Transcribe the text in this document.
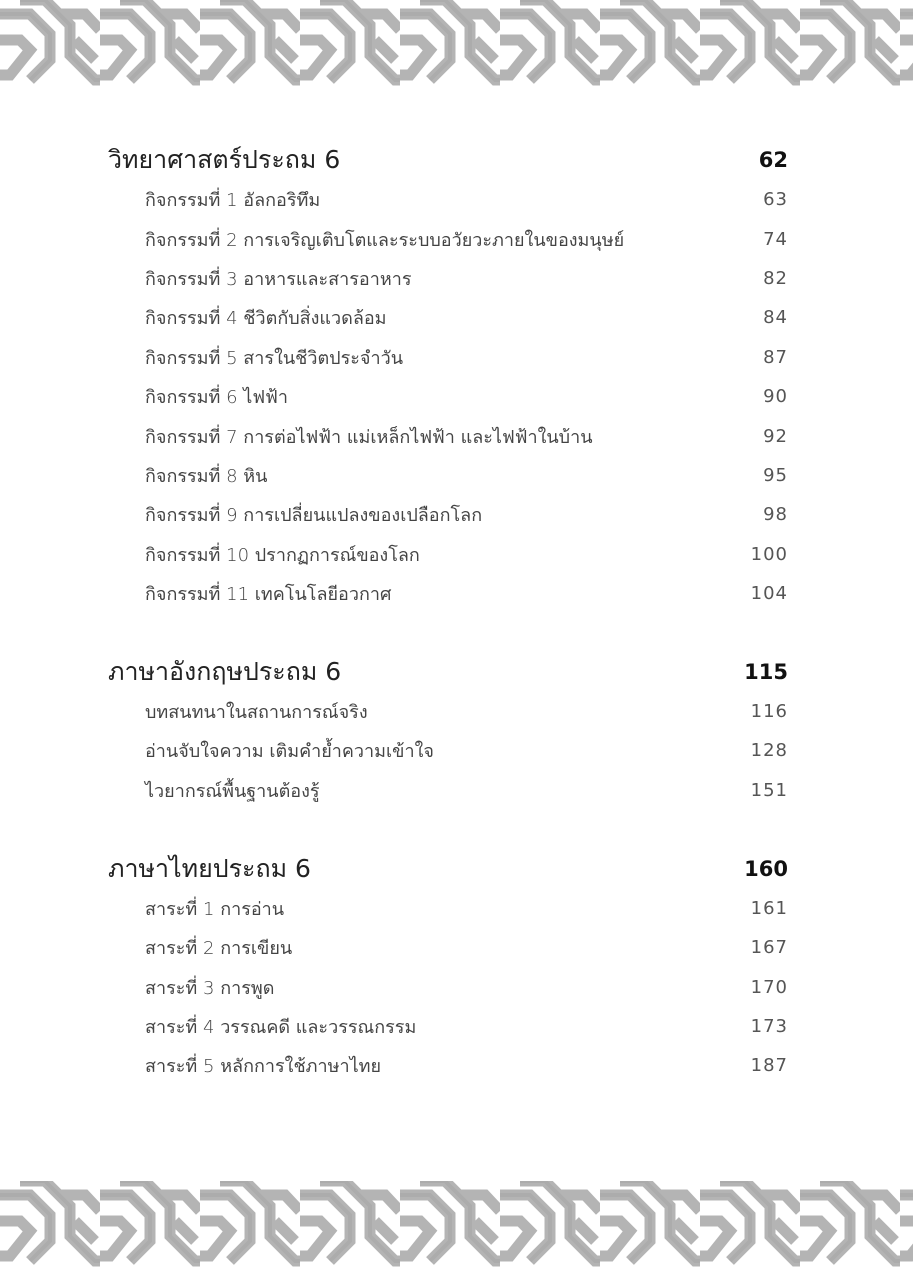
วิทยาศาสตร์ประถม 6	62
กิจกรรมที่ 1 อัลกอริทึม	63
กิจกรรมที่ 2 การเจริญเติบโตและระบบอวัยวะภายในของมนุษย์	74
กิจกรรมที่ 3 อาหารและสารอาหาร	82
กิจกรรมที่ 4 ชีวิตกับสิ่งแวดล้อม	84
กิจกรรมที่ 5 สารในชีวิตประจำวัน	87
กิจกรรมที่ 6 ไฟฟ้า	90
กิจกรรมที่ 7 การต่อไฟฟ้า แม่เหล็กไฟฟ้า และไฟฟ้าในบ้าน	92
กิจกรรมที่ 8 หิน	95
กิจกรรมที่ 9 การเปลี่ยนแปลงของเปลือกโลก	98
กิจกรรมที่ 10 ปรากฏการณ์ของโลก	100
กิจกรรมที่ 11 เทคโนโลยีอวกาศ	104
ภาษาอังกฤษประถม 6	115
บทสนทนาในสถานการณ์จริง	116
อ่านจับใจความ เติมคำย้ำความเข้าใจ	128
ไวยากรณ์พื้นฐานต้องรู้	151
ภาษาไทยประถม 6	160
สาระที่ 1 การอ่าน	161
สาระที่ 2 การเขียน	167
สาระที่ 3 การพูด	170
สาระที่ 4 วรรณคดี และวรรณกรรม	173
สาระที่ 5 หลักการใช้ภาษาไทย	187
